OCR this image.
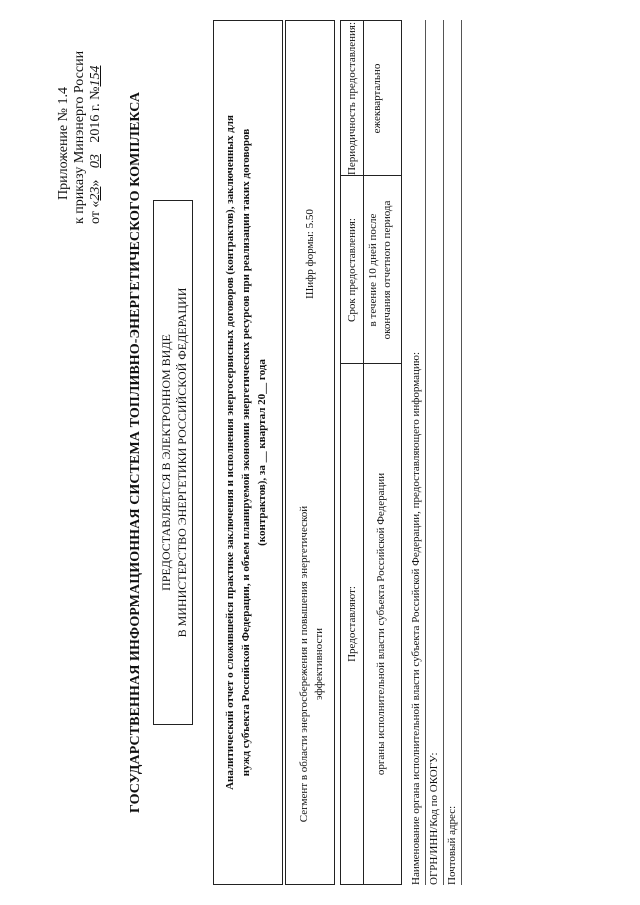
Приложение № 1.4 к приказу Минэнерго России от «23» 03 2016 г. №154
ГОСУДАРСТВЕННАЯ ИНФОРМАЦИОННАЯ СИСТЕМА ТОПЛИВНО-ЭНЕРГЕТИЧЕСКОГО КОМПЛЕКСА ПРЕДОСТАВЛЯЕТСЯ В ЭЛЕКТРОННОМ ВИДЕ В МИНИСТЕРСТВО ЭНЕРГЕТИКИ РОССИЙСКОЙ ФЕДЕРАЦИИ	Аналитический отчет о сложившейся практике заключения и исполнения энергосервисных договоров (контрактов), заключенных для нужд субъекта Российской Федерации, и объем планируемой экономии энергетических ресурсов при реализации таких договоров (контрактов), за __ квартал 20__ года
Сегмент в области энергосбережения и повышения энергетической эффективности
Шифр формы: 5.50
Предоставляют:
Срок предоставления:
Периодичность предоставления:
органы исполнительной власти субъекта Российской Федерации
в течение 10 дней после окончания отчетного периода
ежеквартально
Наименование органа исполнительной власти субъекта Российской Федерации, предоставляющего информацию: ОГРН/ИНН/Код по ОКОГУ: Почтовый адрес:
